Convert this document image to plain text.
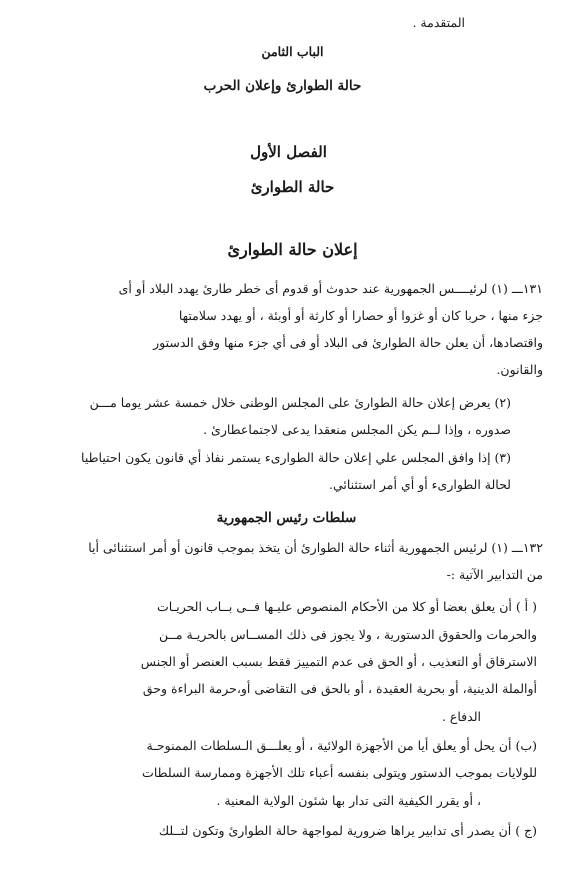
المتقدمة .
الباب الثامن
حالة الطوارئ وإعلان الحرب
الفصل الأول
حالة الطوارئ
إعلان حالة الطوارئ
١٣١ـــ (١) لرئيــــس الجمهورية عند حدوث أو قدوم أى خطر طارئ يهدد البلاد أو أى
جزء منها ، حربا كان أو غزوا أو حصارا أو كارثة أو أوبئة ، أو يهدد سلامتها
واقتصادها، أن يعلن حالة الطوارئ فى البلاد أو فى أي جزء منها وفق الدستور
والقانون.
(٢) يعرض إعلان حالة الطوارئ على المجلس الوطنى خلال خمسة عشر يوما مـــن
صدوره ، وإذا لــم يكن المجلس منعقدا يدعى لاجتماعطارئ .
(٣) إذا وافق المجلس علي إعلان حالة الطوارىء يستمر نفاذ أي قانون يكون احتياطيا
لحالة الطوارىء أو أي أمر استثنائي.
سلطات رئيس الجمهورية
١٣٢ـــ (١) لرئيس الجمهورية أثناء حالة الطوارئ أن يتخذ بموجب قانون أو أمر استثنائى أيا
من التدابير الآتية :-
( أ ) أن يعلق بعضا أو كلا من الأحكام المنصوص عليـها فــى بــاب الحريـات
والحرمات والحقوق الدستورية ، ولا يجوز فى ذلك المســاس بالحريـة مــن
الاسترقاق أو التعذيب ، أو الحق فى عدم التمييز فقط بسبب العنصر أو الجنس
أوالملة الدينية، أو بحرية العقيدة ، أو بالحق فى التقاضى أو،حرمة البراءة وحق
الدفاع .
(ب) أن يحل أو يعلق أيا من الأجهزة الولائية ، أو يعلـــق الـسلطات الممنوحـة
للولايات بموجب الدستور ويتولى بنفسه أعباء تلك الأجهزة وممارسة السلطات
، أو يقرر الكيفية التى تدار بها شئون الولاية المعنية .
(ج ) أن يصدر أى تدابير يراها ضرورية لمواجهة حالة الطوارئ وتكون لتــلك
